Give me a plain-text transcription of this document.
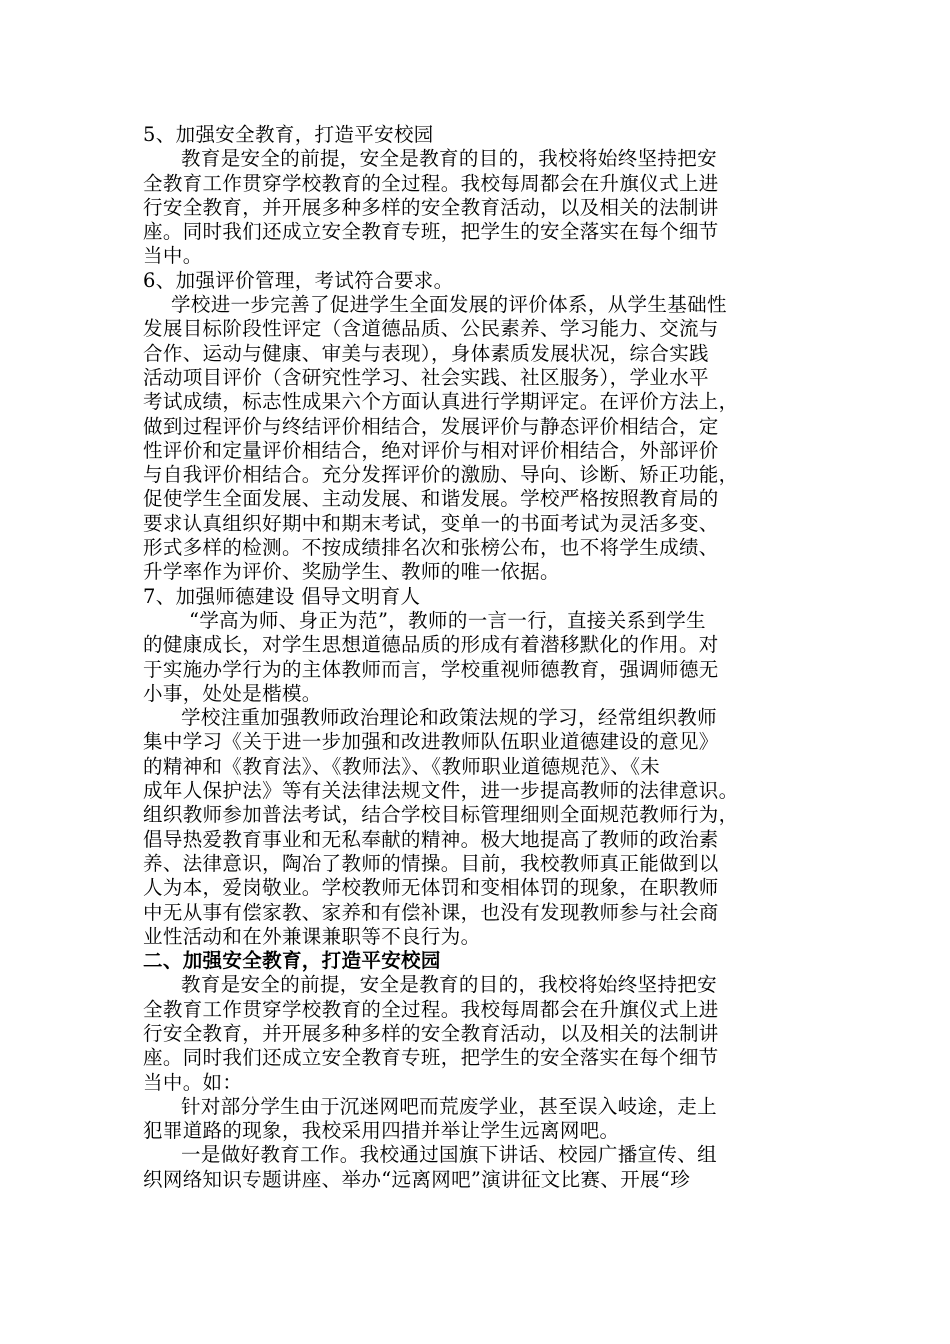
5、加强安全教育，打造平安校园
教育是安全的前提，安全是教育的目的，我校将始终坚持把安
全教育工作贯穿学校教育的全过程。我校每周都会在升旗仪式上进
行安全教育，并开展多种多样的安全教育活动，以及相关的法制讲
座。同时我们还成立安全教育专班，把学生的安全落实在每个细节
当中。
6、加强评价管理，考试符合要求。
学校进一步完善了促进学生全面发展的评价体系，从学生基础性
发展目标阶段性评定（含道德品质、公民素养、学习能力、交流与
合作、运动与健康、审美与表现），身体素质发展状况，综合实践
活动项目评价（含研究性学习、社会实践、社区服务），学业水平
考试成绩，标志性成果六个方面认真进行学期评定。在评价方法上，
做到过程评价与终结评价相结合，发展评价与静态评价相结合，定
性评价和定量评价相结合，绝对评价与相对评价相结合，外部评价
与自我评价相结合。充分发挥评价的激励、导向、诊断、矫正功能，
促使学生全面发展、主动发展、和谐发展。学校严格按照教育局的
要求认真组织好期中和期末考试，变单一的书面考试为灵活多变、
形式多样的检测。不按成绩排名次和张榜公布，也不将学生成绩、
升学率作为评价、奖励学生、教师的唯一依据。
7、加强师德建设 倡导文明育人
“学高为师、身正为范”，教师的一言一行，直接关系到学生
的健康成长，对学生思想道德品质的形成有着潜移默化的作用。对
于实施办学行为的主体教师而言，学校重视师德教育，强调师德无
小事，处处是楷模。
学校注重加强教师政治理论和政策法规的学习，经常组织教师
集中学习《关于进一步加强和改进教师队伍职业道德建设的意见》
的精神和《教育法》、《教师法》、《教师职业道德规范》、《未
成年人保护法》等有关法律法规文件，进一步提高教师的法律意识。
组织教师参加普法考试，结合学校目标管理细则全面规范教师行为，
倡导热爱教育事业和无私奉献的精神。极大地提高了教师的政治素
养、法律意识，陶冶了教师的情操。目前，我校教师真正能做到以
人为本，爱岗敬业。学校教师无体罚和变相体罚的现象，在职教师
中无从事有偿家教、家养和有偿补课，也没有发现教师参与社会商
业性活动和在外兼课兼职等不良行为。
二、加强安全教育，打造平安校园
教育是安全的前提，安全是教育的目的，我校将始终坚持把安
全教育工作贯穿学校教育的全过程。我校每周都会在升旗仪式上进
行安全教育，并开展多种多样的安全教育活动，以及相关的法制讲
座。同时我们还成立安全教育专班，把学生的安全落实在每个细节
当中。如：
针对部分学生由于沉迷网吧而荒废学业，甚至误入岐途，走上
犯罪道路的现象，我校采用四措并举让学生远离网吧。
一是做好教育工作。我校通过国旗下讲话、校园广播宣传、组
织网络知识专题讲座、举办“远离网吧”演讲征文比赛、开展“珍
